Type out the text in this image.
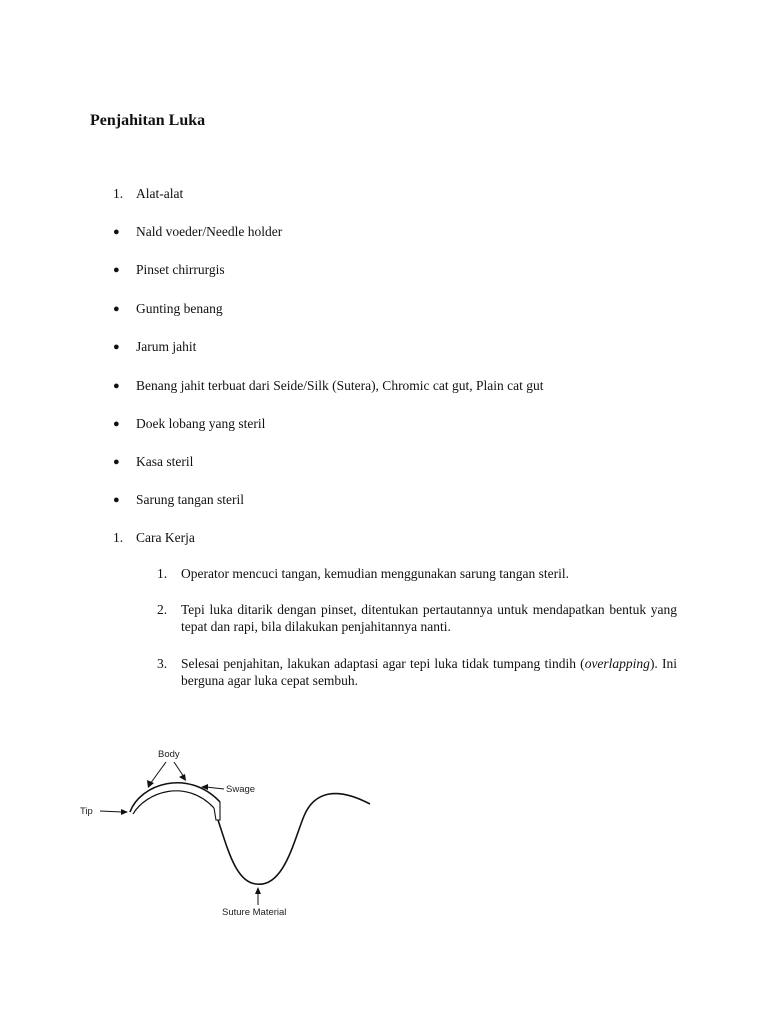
Penjahitan Luka
1. Alat-alat
●	Nald voeder/Needle holder
●	Pinset chirrurgis
●	Gunting benang
●	Jarum jahit
●	Benang jahit terbuat dari Seide/Silk (Sutera), Chromic cat gut, Plain cat gut
●	Doek lobang yang steril
●	Kasa steril
●	Sarung tangan steril
1. Cara Kerja
1.	Operator mencuci tangan, kemudian menggunakan sarung tangan steril.
2.	Tepi luka ditarik dengan pinset, ditentukan pertautannya untuk mendapatkan bentuk yang tepat dan rapi, bila dilakukan penjahitannya nanti.
3.	Selesai penjahitan, lakukan adaptasi agar tepi luka tidak tumpang tindih (overlapping). Ini berguna agar luka cepat sembuh.
Body
Swage
Tip
Suture Material
